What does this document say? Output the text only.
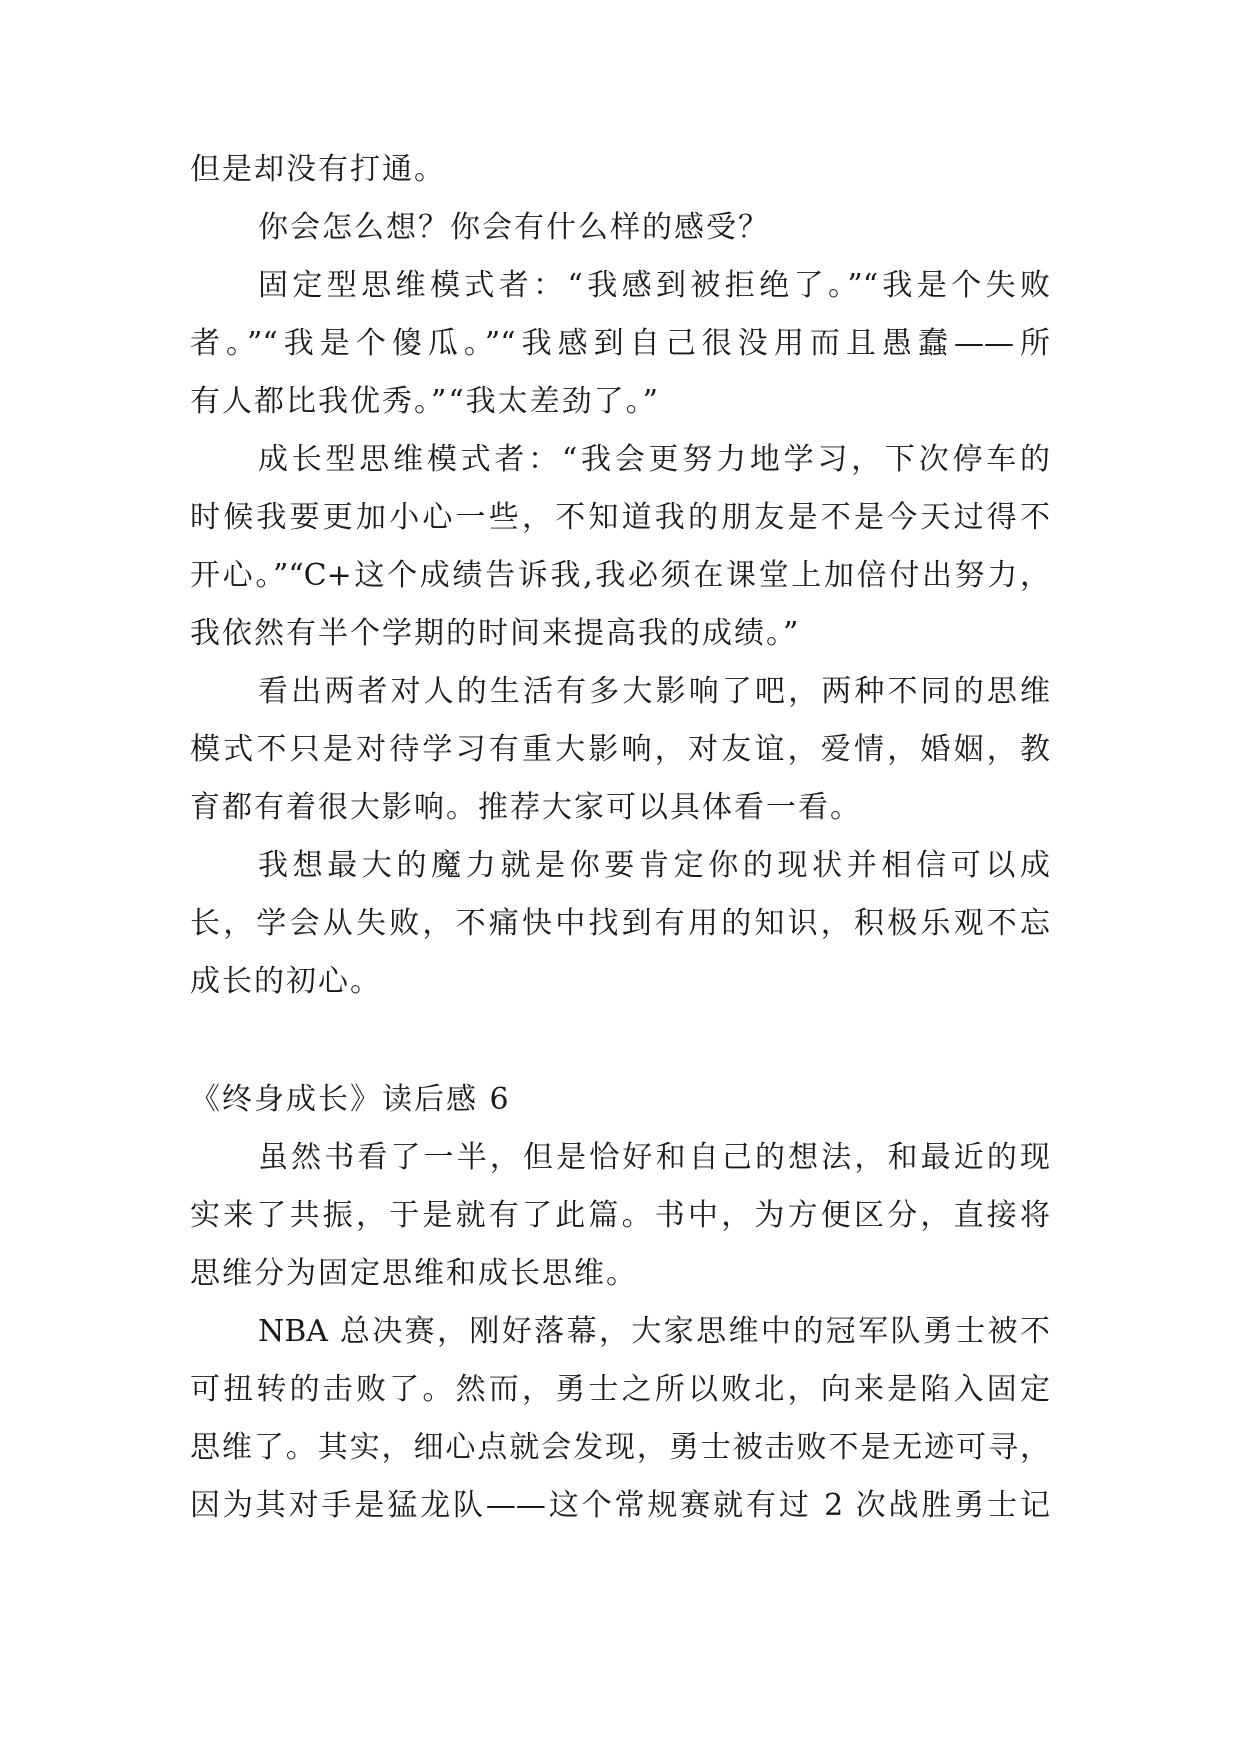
但是却没有打通。
你会怎么想？你会有什么样的感受？
固定型思维模式者：“我感到被拒绝了。”“我是个失败
者。”“我是个傻瓜。”“我感到自己很没用而且愚蠢——所
有人都比我优秀。”“我太差劲了。”
成长型思维模式者：“我会更努力地学习，下次停车的
时候我要更加小心一些，不知道我的朋友是不是今天过得不
开心。”“C+这个成绩告诉我,我必须在课堂上加倍付出努力，
我依然有半个学期的时间来提高我的成绩。”
看出两者对人的生活有多大影响了吧，两种不同的思维
模式不只是对待学习有重大影响，对友谊，爱情，婚姻，教
育都有着很大影响。推荐大家可以具体看一看。
我想最大的魔力就是你要肯定你的现状并相信可以成
长，学会从失败，不痛快中找到有用的知识，积极乐观不忘
成长的初心。
《终身成长》读后感 6
虽然书看了一半，但是恰好和自己的想法，和最近的现
实来了共振，于是就有了此篇。书中，为方便区分，直接将
思维分为固定思维和成长思维。
NBA 总决赛，刚好落幕，大家思维中的冠军队勇士被不
可扭转的击败了。然而，勇士之所以败北，向来是陷入固定
思维了。其实，细心点就会发现，勇士被击败不是无迹可寻，
因为其对手是猛龙队——这个常规赛就有过 2 次战胜勇士记
